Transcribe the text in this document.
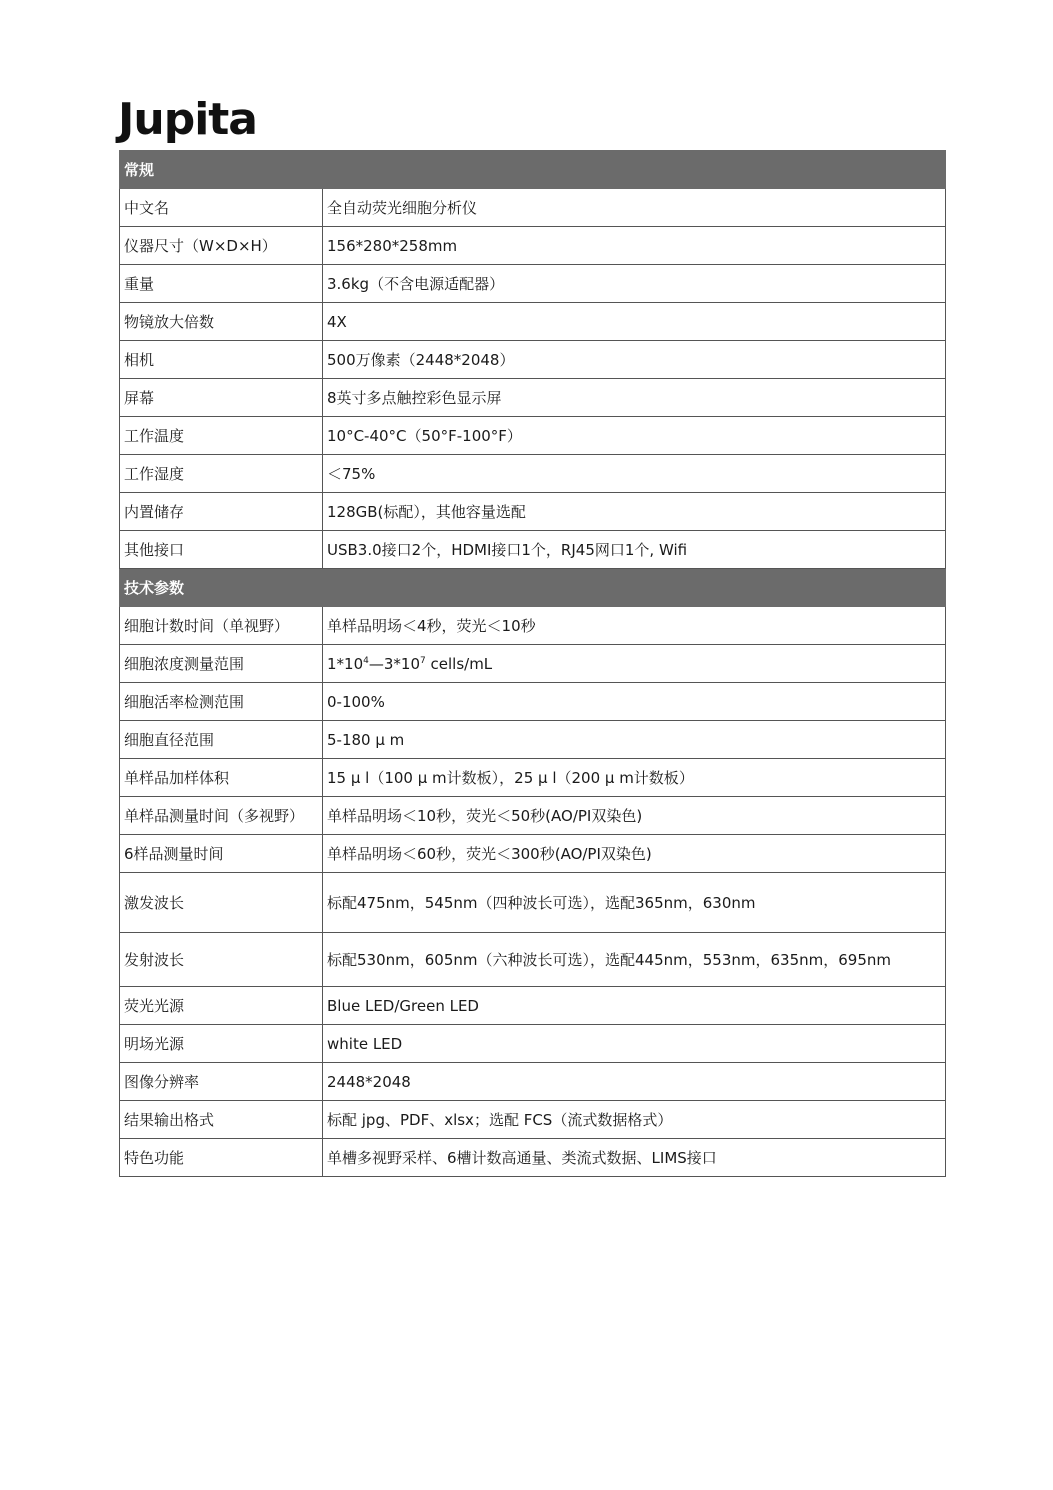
Jupita
常规	
中文名	全自动荧光细胞分析仪
仪器尺寸（W×D×H）	156*280*258mm
重量	3.6kg（不含电源适配器）
物镜放大倍数	4X
相机	500万像素（2448*2048）
屏幕	8英寸多点触控彩色显示屏
工作温度	10°C-40°C（50°F-100°F）
工作湿度	＜75%
内置储存	128GB(标配），其他容量选配
其他接口	USB3.0接口2个，HDMI接口1个，RJ45网口1个, Wifi
技术参数	
细胞计数时间（单视野）	单样品明场＜4秒，荧光＜10秒
细胞浓度测量范围	$1*10^4—3*10^7$ cells/mL
细胞活率检测范围	0-100%
细胞直径范围	5-180 μ m
单样品加样体积	15 μ l（100 μ m计数板），25 μ l（200 μ m计数板）
单样品测量时间（多视野）	单样品明场＜10秒，荧光＜50秒(AO/PI双染色)
6样品测量时间	单样品明场＜60秒，荧光＜300秒(AO/PI双染色)
激发波长	标配475nm，545nm（四种波长可选），选配365nm，630nm
发射波长	标配530nm，605nm（六种波长可选），选配445nm，553nm，635nm，695nm
荧光光源	Blue LED/Green LED
明场光源	white LED
图像分辨率	2448*2048
结果输出格式	标配 jpg、PDF、xlsx；选配 FCS（流式数据格式）
特色功能	单槽多视野采样、6槽计数高通量、类流式数据、LIMS接口
